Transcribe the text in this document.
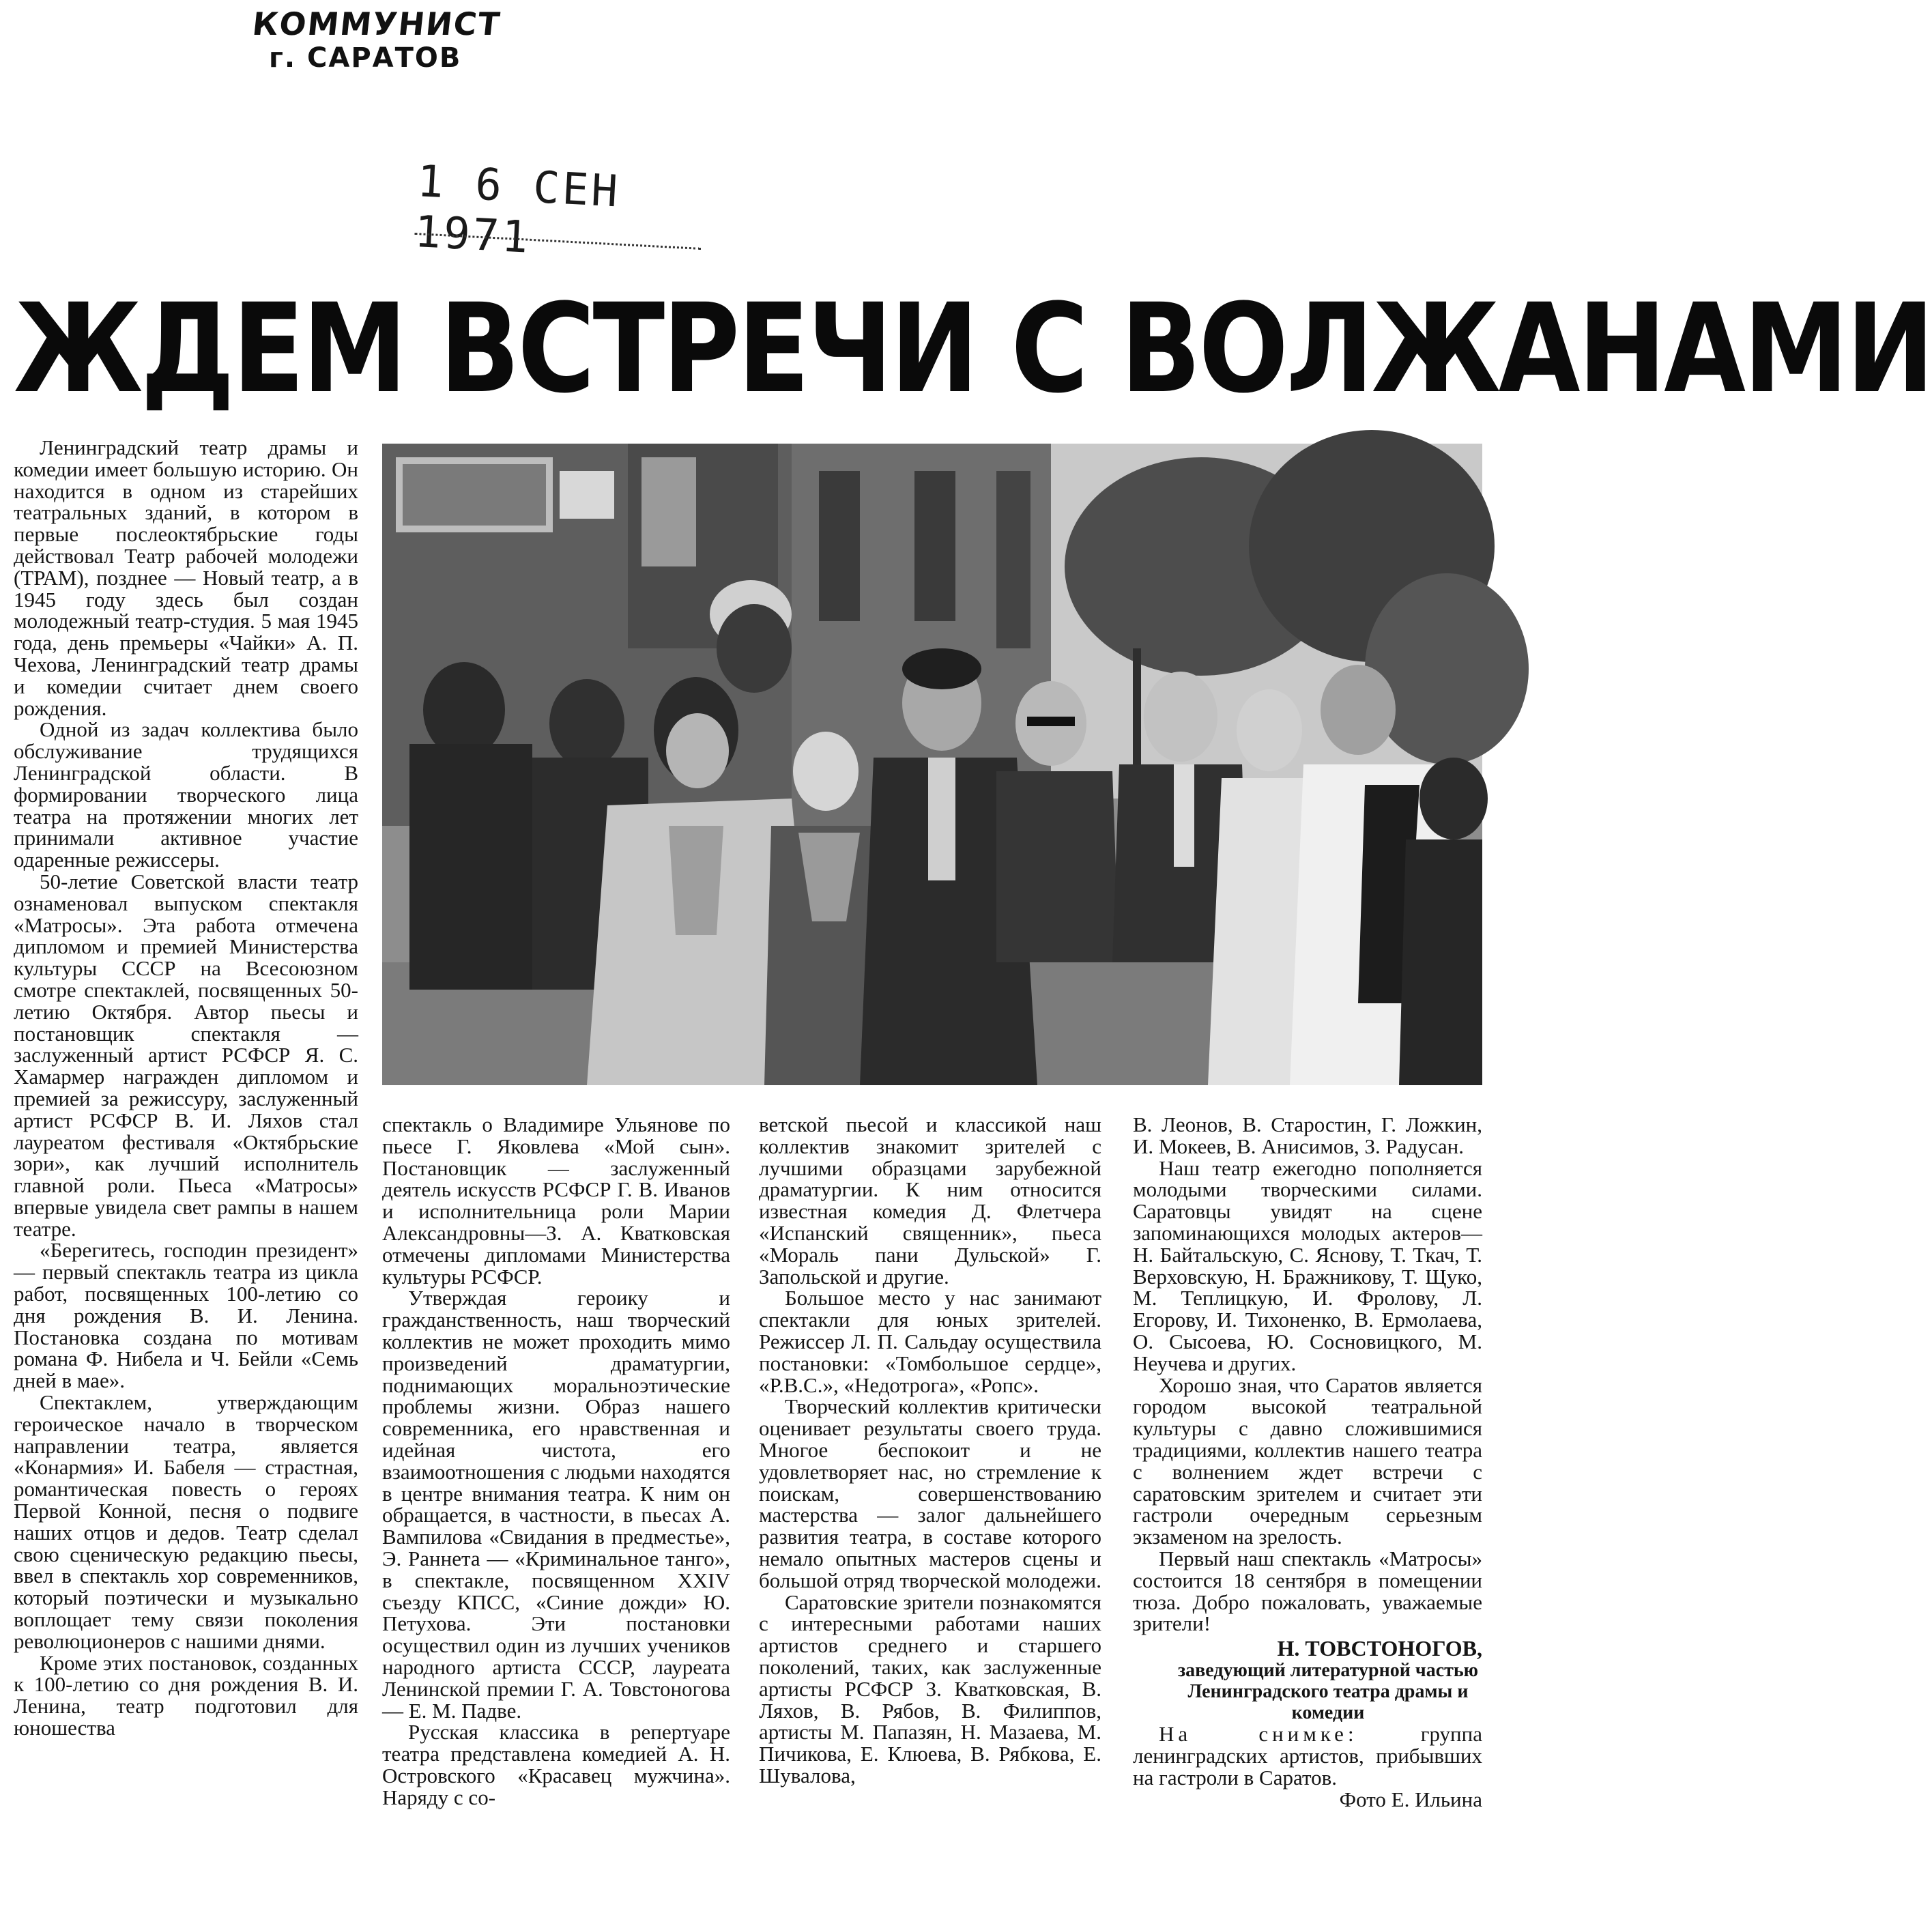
КОММУНИСТ
г. САРАТОВ
1 6 СЕН 1971
ЖДЕМ ВСТРЕЧИ С ВОЛЖАНАМИ

Ленинградский театр драмы и комедии имеет большую историю. Он находится в одном из старейших театральных зданий, в котором в первые послеоктябрьские годы действовал Театр рабочей молодежи (ТРАМ), позднее — Новый театр, а в 1945 году здесь был создан молодежный театр-студия. 5 мая 1945 года, день премьеры «Чайки» А. П. Чехова, Ленинградский театр драмы и комедии считает днем своего рождения.

Одной из задач коллектива было обслуживание трудящихся Ленинградской области. В формировании творческого лица театра на протяжении многих лет принимали активное участие одаренные режиссеры.

50-летие Советской власти театр ознаменовал выпуском спектакля «Матросы». Эта работа отмечена дипломом и премией Министерства культуры СССР на Всесоюзном смотре спектаклей, посвященных 50-летию Октября. Автор пьесы и постановщик спектакля — заслуженный артист РСФСР Я. С. Хамармер награжден дипломом и премией за режиссуру, заслуженный артист РСФСР В. И. Ляхов стал лауреатом фестиваля «Октябрьские зори», как лучший исполнитель главной роли. Пьеса «Матросы» впервые увидела свет рампы в нашем театре.

«Берегитесь, господин президент» — первый спектакль театра из цикла работ, посвященных 100-летию со дня рождения В. И. Ленина. Постановка создана по мотивам романа Ф. Нибела и Ч. Бейли «Семь дней в мае».

Спектаклем, утверждающим героическое начало в творческом направлении театра, является «Конармия» И. Бабеля — страстная, романтическая повесть о героях Первой Конной, песня о подвиге наших отцов и дедов. Театр сделал свою сценическую редакцию пьесы, ввел в спектакль хор современников, который поэтически и музыкально воплощает тему связи поколения революционеров с нашими днями.

Кроме этих постановок, созданных к 100-летию со дня рождения В. И. Ленина, театр подготовил для юношества

спектакль о Владимире Ульянове по пьесе Г. Яковлева «Мой сын». Постановщик — заслуженный деятель искусств РСФСР Г. В. Иванов и исполнительница роли Марии Александровны—З. А. Кватковская отмечены дипломами Министерства культуры РСФСР.

Утверждая героику и гражданственность, наш творческий коллектив не может проходить мимо произведений драматургии, поднимающих моральноэтические проблемы жизни. Образ нашего современника, его нравственная и идейная чистота, его взаимоотношения с людьми находятся в центре внимания театра. К ним он обращается, в частности, в пьесах А. Вампилова «Свидания в предместье», Э. Раннета — «Криминальное танго», в спектакле, посвященном XXIV съезду КПСС, «Синие дожди» Ю. Петухова. Эти постановки осуществил один из лучших учеников народного артиста СССР, лауреата Ленинской премии Г. А. Товстоногова — Е. М. Падве.

Русская классика в репертуаре театра представлена комедией А. Н. Островского «Красавец мужчина». Наряду с со-

ветской пьесой и классикой наш коллектив знакомит зрителей с лучшими образцами зарубежной драматургии. К ним относится известная комедия Д. Флетчера «Испанский священник», пьеса «Мораль пани Дульской» Г. Запольской и другие.

Большое место у нас занимают спектакли для юных зрителей. Режиссер Л. П. Сальдау осуществила постановки: «Томбольшое сердце», «Р.В.С.», «Недотрога», «Ропс».

Творческий коллектив критически оценивает результаты своего труда. Многое беспокоит и не удовлетворяет нас, но стремление к поискам, совершенствованию мастерства — залог дальнейшего развития театра, в составе которого немало опытных мастеров сцены и большой отряд творческой молодежи.

Саратовские зрители познакомятся с интересными работами наших артистов среднего и старшего поколений, таких, как заслуженные артисты РСФСР З. Кватковская, В. Ляхов, В. Рябов, В. Филиппов, артисты М. Папазян, Н. Мазаева, М. Пичикова, Е. Клюева, В. Рябкова, Е. Шувалова,

В. Леонов, В. Старостин, Г. Ложкин, И. Мокеев, В. Анисимов, З. Радусан.

Наш театр ежегодно пополняется молодыми творческими силами. Саратовцы увидят на сцене запоминающихся молодых актеров—Н. Байтальскую, С. Яснову, Т. Ткач, Т. Верховскую, Н. Бражникову, Т. Щуко, М. Теплицкую, И. Фролову, Л. Егорову, И. Тихоненко, В. Ермолаева, О. Сысоева, Ю. Сосновицкого, М. Неучева и других.

Хорошо зная, что Саратов является городом высокой театральной культуры с давно сложившимися традициями, коллектив нашего театра с волнением ждет встречи с саратовским зрителем и считает эти гастроли очередным серьезным экзаменом на зрелость.

Первый наш спектакль «Матросы» состоится 18 сентября в помещении тюза. Добро пожаловать, уважаемые зрители!

Н. ТОВСТОНОГОВ,
заведующий литературной частью Ленинградского театра драмы и комедии

На снимке:	группа ленинградских артистов, прибывших на гастроли в Саратов.

Фото Е. Ильина
